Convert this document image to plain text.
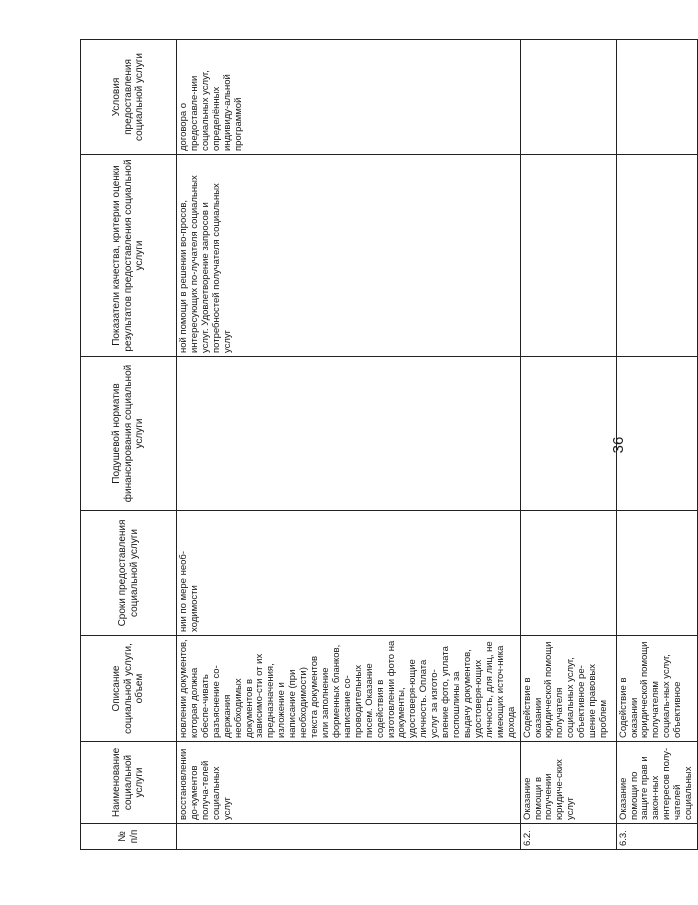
№ п/п	Наименование социальной услуги	Описание социальной услуги, объем	Сроки предоставления социальной услуги	Подушевой норматив финансирования социальной услуги	Показатели качества, критерии оценки результатов предоставления социальной услуги	Условия предоставления социальной услуги
	восстановлении до-кументов получа-телей социальных услуг	новлении документов, которая должна обеспе-чивать разъяснение со-держания необходимых документов в зависимо-сти от их предназначения, изложение и написание (при необходимости) текста документов или заполнение форменных бланков, написание со-проводительных писем. Оказание содействия в изготовлении фото на документы, удостоверя-ющие личность. Оплата услуг за изгото-вление фото, уплата госпошлины за выдачу документов, удостоверя-ющих личность, для лиц, не имеющих источ-ника дохода	нии по мере необ-ходимости		ной помощи в решении во-просов, интересующих по-лучателя социальных услуг. Удовлетворение запросов и потребностей получателя социальных услуг	договора о предоставле-нии социальных услуг, определённых индивиду-альной программой
6.2.	Оказание помощи в получении юридиче-ских услуг	Содействие в оказании юридической помощи получателя социальных услуг, объективное ре-шение правовых проблем				
6.3.	Оказание помощи по защите прав и закон-ных интересов полу-чателей социальных	Содействие в оказании юридической помощи получателям социаль-ных услуг, объективное				
36
